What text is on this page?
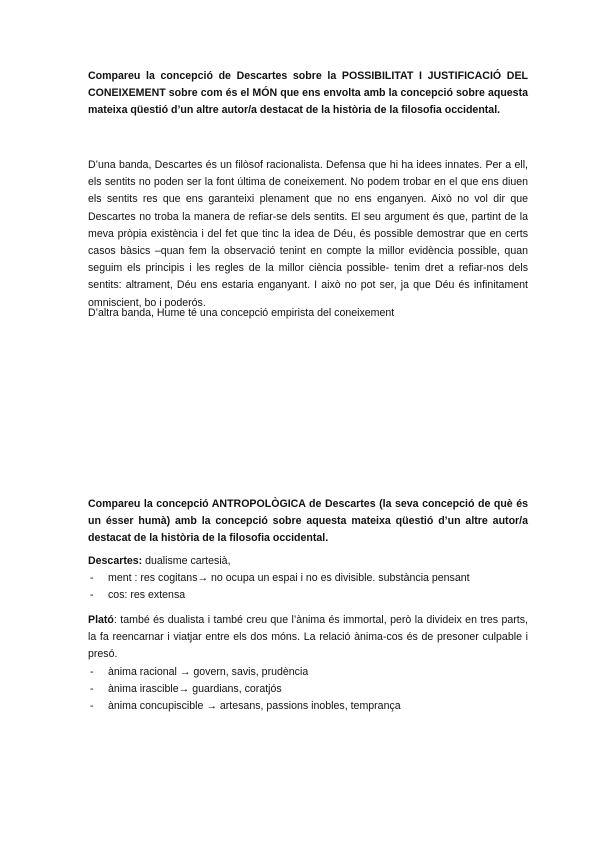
Compareu la concepció de Descartes sobre la POSSIBILITAT I JUSTIFICACIÓ DEL CONEIXEMENT sobre com és el MÓN que ens envolta amb la concepció sobre aquesta mateixa qüestió d’un altre autor/a destacat de la història de la filosofia occidental.
D’una banda, Descartes és un filòsof racionalista. Defensa que hi ha idees innates. Per a ell, els sentits no poden ser la font última de coneixement. No podem trobar en el que ens diuen els sentits res que ens garanteixi plenament que no ens enganyen. Això no vol dir que Descartes no troba la manera de refiar-se dels sentits. El seu argument és que, partint de la meva pròpia existència i del fet que tinc la idea de Déu, és possible demostrar que en certs casos bàsics –quan fem la observació tenint en compte la millor evidència possible, quan seguim els principis i les regles de la millor ciència possible- tenim dret a refiar-nos dels sentits: altrament, Déu ens estaria enganyant. I això no pot ser, ja que Déu és infinitament omniscient, bo i poderós.
D’altra banda, Hume té una concepció empirista del coneixement
Compareu la concepció ANTROPOLÒGICA de Descartes (la seva concepció de què és un ésser humà) amb la concepció sobre aquesta mateixa qüestió d’un altre autor/a destacat de la història de la filosofia occidental.
Descartes: dualisme cartesià,
- ment : res cogitans→ no ocupa un espai i no es divisible. substància pensant
- cos: res extensa
Plató: també és dualista i també creu que l’ànima és immortal, però la divideix en tres parts, la fa reencarnar i viatjar entre els dos móns. La relació ànima-cos és de presoner culpable i presó.
- ànima racional → govern, savis, prudència
- ànima irascible→ guardians, coratjós
- ànima concupiscible → artesans, passions inobles, temprança
